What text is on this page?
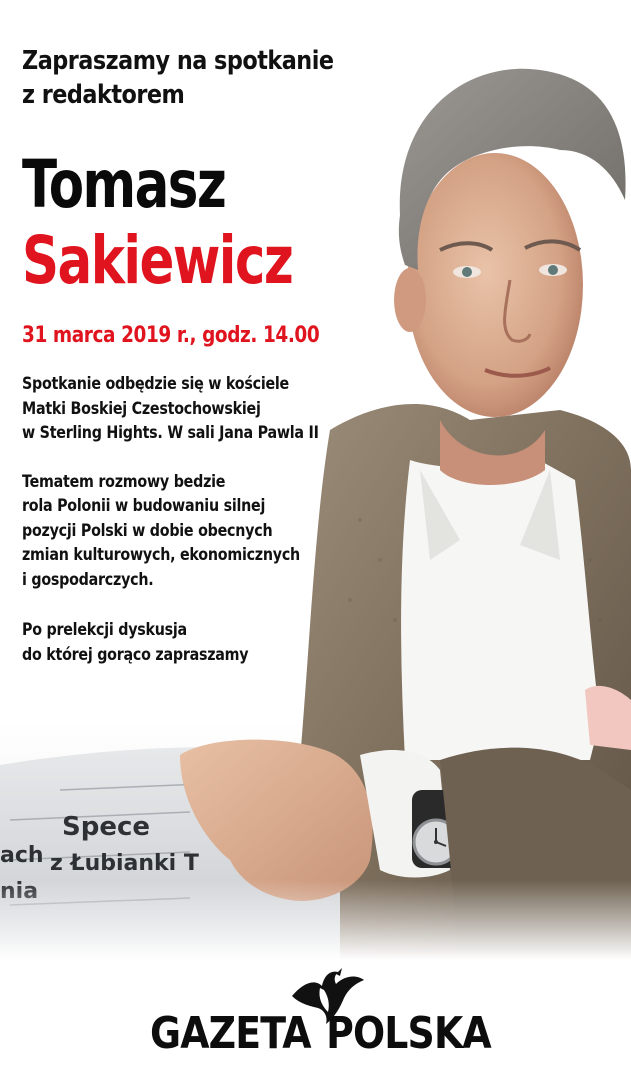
Spece
z Łubianki T
ach

Zapraszamy na spotkanie
z redaktorem

Tomasz

Sakiewicz

31 marca 2019 r., godz. 14.00

Spotkanie odbędzie się w kościele
Matki Boskiej Czestochowskiej
w Sterling Hights. W sali Jana Pawla II

Tematem rozmowy bedzie
rola Polonii w budowaniu silnej
pozycji Polski w dobie obecnych
zmian kulturowych, ekonomicznych
i gospodarczych.

Po prelekcji dyskusja
do której gorąco zapraszamy

GAZETA POLSKA
